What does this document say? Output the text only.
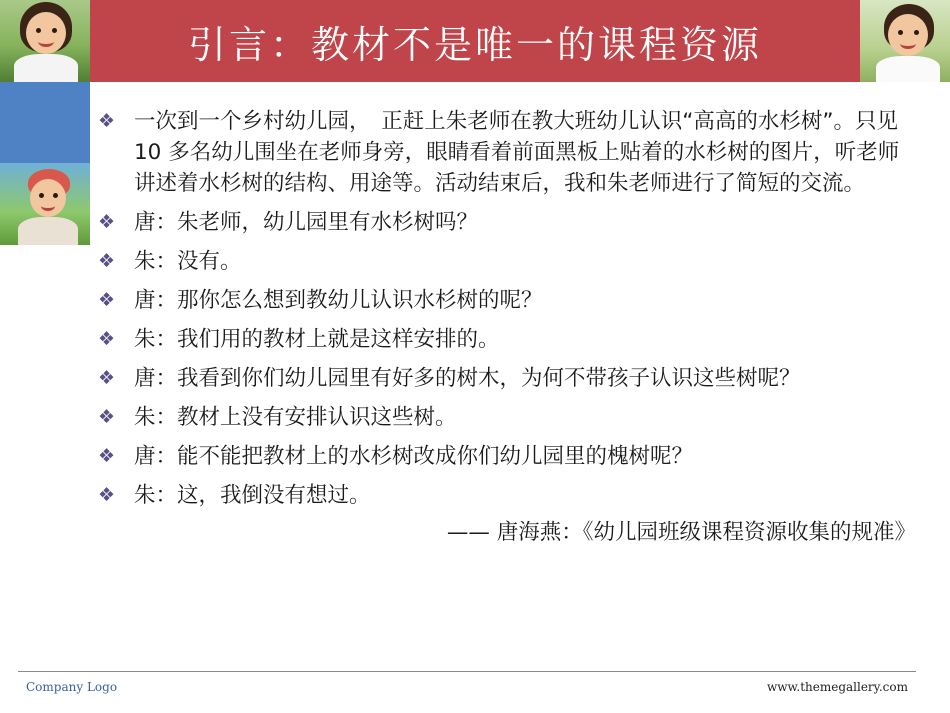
引言：教材不是唯一的课程资源
❖ 一次到一个乡村幼儿园，　正赶上朱老师在教大班幼儿认识“高高的水杉树”。只见 10 多名幼儿围坐在老师身旁，眼睛看着前面黑板上贴着的水杉树的图片，听老师讲述着水杉树的结构、用途等。活动结束后，我和朱老师进行了简短的交流。
❖ 唐：朱老师，幼儿园里有水杉树吗？
❖ 朱：没有。
❖ 唐：那你怎么想到教幼儿认识水杉树的呢？
❖ 朱：我们用的教材上就是这样安排的。
❖ 唐：我看到你们幼儿园里有好多的树木，为何不带孩子认识这些树呢？
❖ 朱：教材上没有安排认识这些树。
❖ 唐：能不能把教材上的水杉树改成你们幼儿园里的槐树呢？
❖ 朱：这，我倒没有想过。
—— 唐海燕：《幼儿园班级课程资源收集的规准》
Company Logo	www.themegallery.com
